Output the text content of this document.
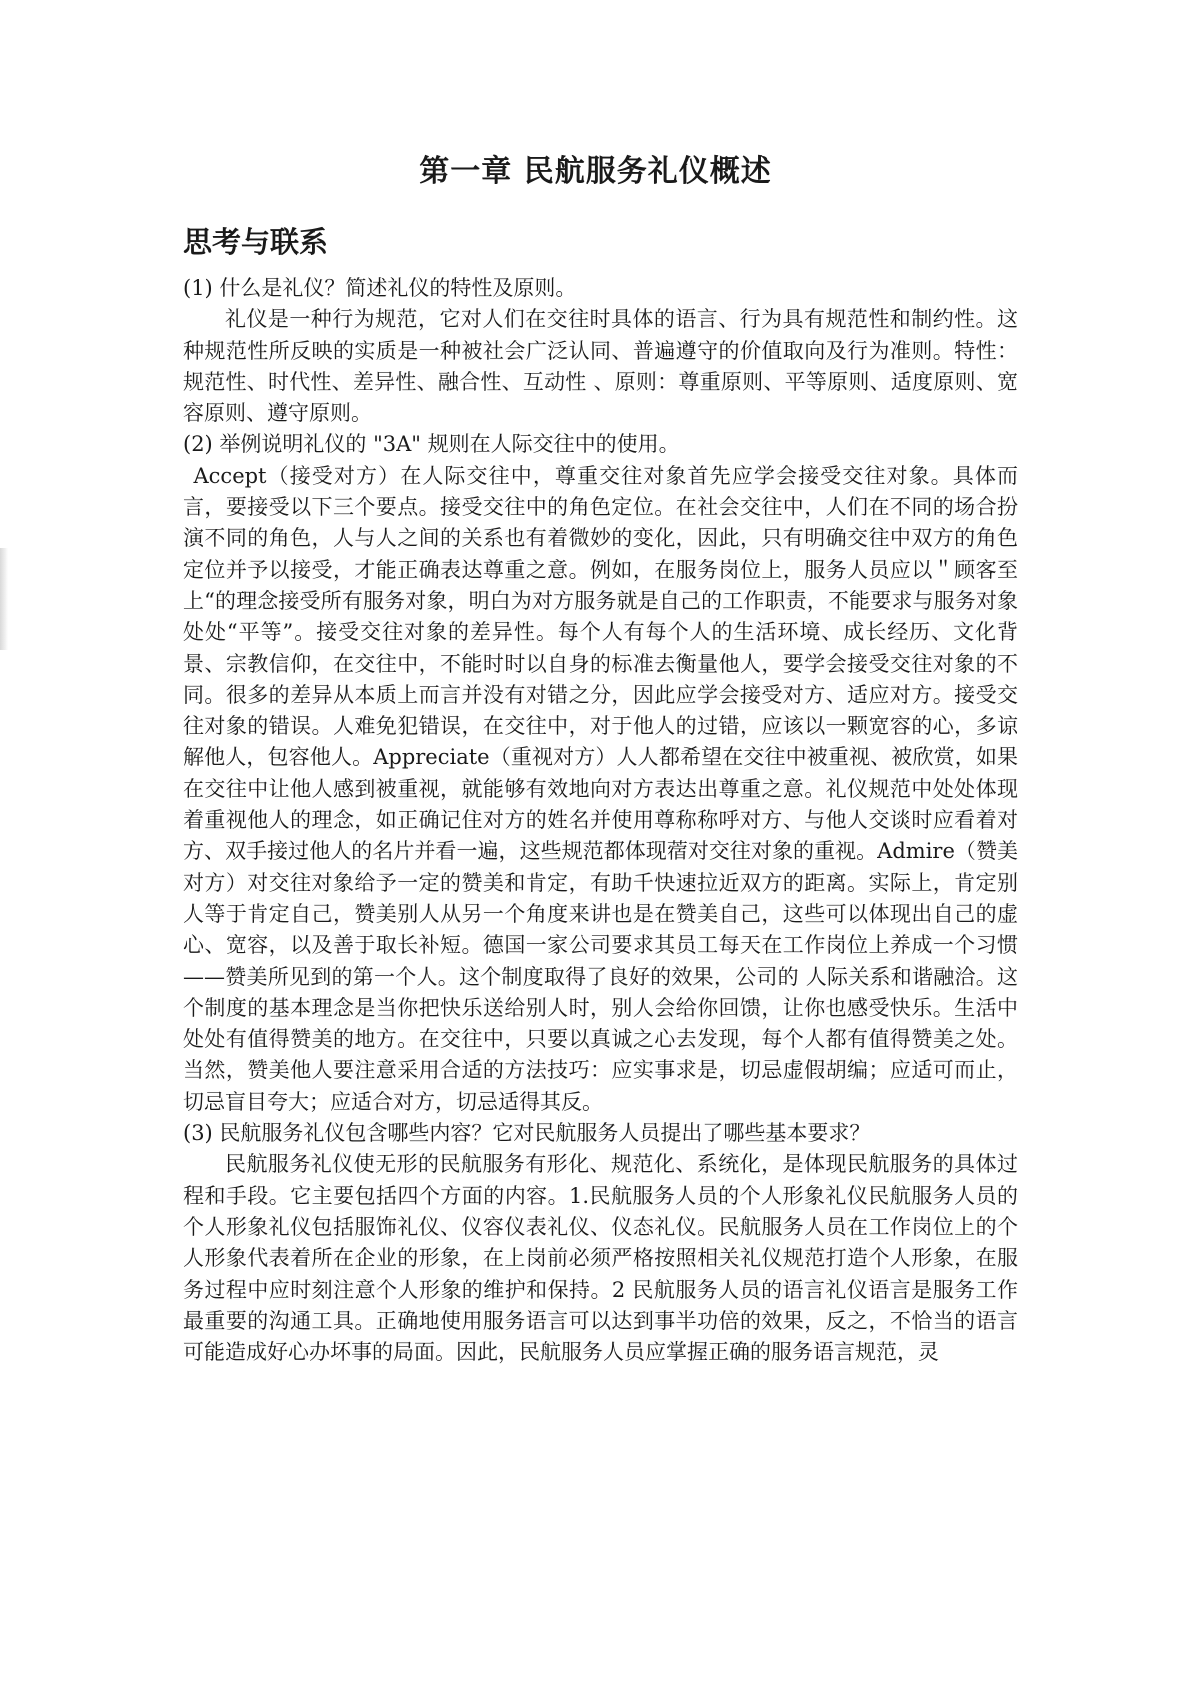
第一章 民航服务礼仪概述
思考与联系

(1) 什么是礼仪？简述礼仪的特性及原则。

礼仪是一种行为规范，它对人们在交往时具体的语言、行为具有规范性和制约性。这种规范性所反映的实质是一种被社会广泛认同、普遍遵守的价值取向及行为准则。特性：规范性、时代性、差异性、融合性、互动性 、原则：尊重原则、平等原则、适度原则、宽容原则、遵守原则。

(2) 举例说明礼仪的 "3A" 规则在人际交往中的使用。

Accept（接受对方）在人际交往中，尊重交往对象首先应学会接受交往对象。具体而言，要接受以下三个要点。接受交往中的角色定位。在社会交往中，人们在不同的场合扮演不同的角色，人与人之间的关系也有着微妙的变化，因此，只有明确交往中双方的角色定位并予以接受，才能正确表达尊重之意。例如，在服务岗位上，服务人员应以＂顾客至上“的理念接受所有服务对象，明白为对方服务就是自己的工作职责，不能要求与服务对象处处“平等”。接受交往对象的差异性。每个人有每个人的生活环境、成长经历、文化背景、宗教信仰，在交往中，不能时时以自身的标准去衡量他人，要学会接受交往对象的不同。很多的差异从本质上而言并没有对错之分，因此应学会接受对方、适应对方。接受交往对象的错误。人难免犯错误，在交往中，对于他人的过错，应该以一颗宽容的心，多谅解他人，包容他人。Appreciate（重视对方）人人都希望在交往中被重视、被欣赏，如果在交往中让他人感到被重视，就能够有效地向对方表达出尊重之意。礼仪规范中处处体现着重视他人的理念，如正确记住对方的姓名并使用尊称称呼对方、与他人交谈时应看着对方、双手接过他人的名片并看一遍，这些规范都体现蓿对交往对象的重视。Admire（赞美对方）对交往对象给予一定的赞美和肯定，有助千快速拉近双方的距离。实际上，肯定别人等于肯定自己，赞美别人从另一个角度来讲也是在赞美自己，这些可以体现出自己的虚心、宽容，以及善于取长补短。德国一家公司要求其员工每天在工作岗位上养成一个习惯——赞美所见到的第一个人。这个制度取得了良好的效果，公司的 人际关系和谐融洽。这个制度的基本理念是当你把快乐送给别人时，别人会给你回馈，让你也感受快乐。生活中处处有值得赞美的地方。在交往中，只要以真诚之心去发现，每个人都有值得赞美之处。当然，赞美他人要注意采用合适的方法技巧：应实事求是，切忌虚假胡编；应适可而止，切忌盲目夸大；应适合对方，切忌适得其反。

(3) 民航服务礼仪包含哪些内容？它对民航服务人员提出了哪些基本要求？

民航服务礼仪使无形的民航服务有形化、规范化、系统化，是体现民航服务的具体过程和手段。它主要包括四个方面的内容。1.民航服务人员的个人形象礼仪民航服务人员的个人形象礼仪包括服饰礼仪、仪容仪表礼仪、仪态礼仪。民航服务人员在工作岗位上的个人形象代表着所在企业的形象，在上岗前必须严格按照相关礼仪规范打造个人形象，在服务过程中应时刻注意个人形象的维护和保持。2 民航服务人员的语言礼仪语言是服务工作最重要的沟通工具。正确地使用服务语言可以达到事半功倍的效果，反之，不恰当的语言可能造成好心办坏事的局面。因此，民航服务人员应掌握正确的服务语言规范，灵
